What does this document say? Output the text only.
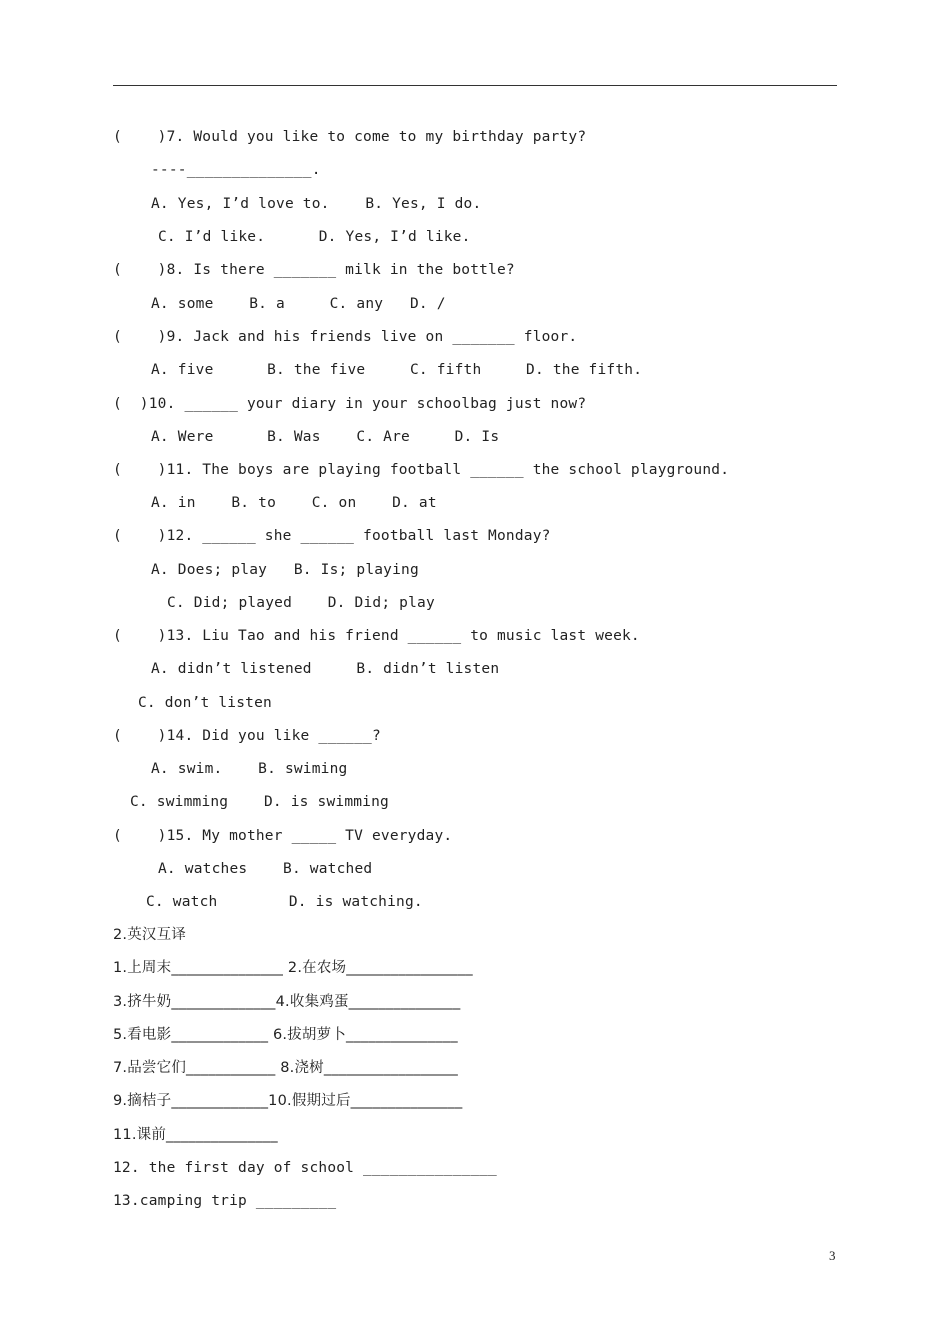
(    )7. Would you like to come to my birthday party?
----______________.
A. Yes, I’d love to.    B. Yes, I do.
C. I’d like.      D. Yes, I’d like.
(    )8. Is there _______ milk in the bottle?
A. some    B. a     C. any   D. /
(    )9. Jack and his friends live on _______ floor.
A. five      B. the five     C. fifth     D. the fifth.
(  )10. ______ your diary in your schoolbag just now?
A. Were      B. Was    C. Are     D. Is
(    )11. The boys are playing football ______ the school playground.
A. in    B. to    C. on    D. at
(    )12. ______ she ______ football last Monday?
A. Does; play   B. Is; playing
C. Did; played    D. Did; play
(    )13. Liu Tao and his friend ______ to music last week.
A. didn’t listened     B. didn’t listen
C. don’t listen
(    )14. Did you like ______?
A. swim.    B. swiming
C. swimming    D. is swimming
(    )15. My mother _____ TV everyday.
A. watches    B. watched
C. watch        D. is watching.
2.英汉互译
1.上周末_______________ 2.在农场_________________
3.挤牛奶______________4.收集鸡蛋_______________
5.看电影_____________ 6.拔胡萝卜_______________
7.品尝它们____________ 8.浇树__________________
9.摘桔子_____________10.假期过后_______________
11.课前_______________
12. the first day of school _______________
13.camping trip _________
3
